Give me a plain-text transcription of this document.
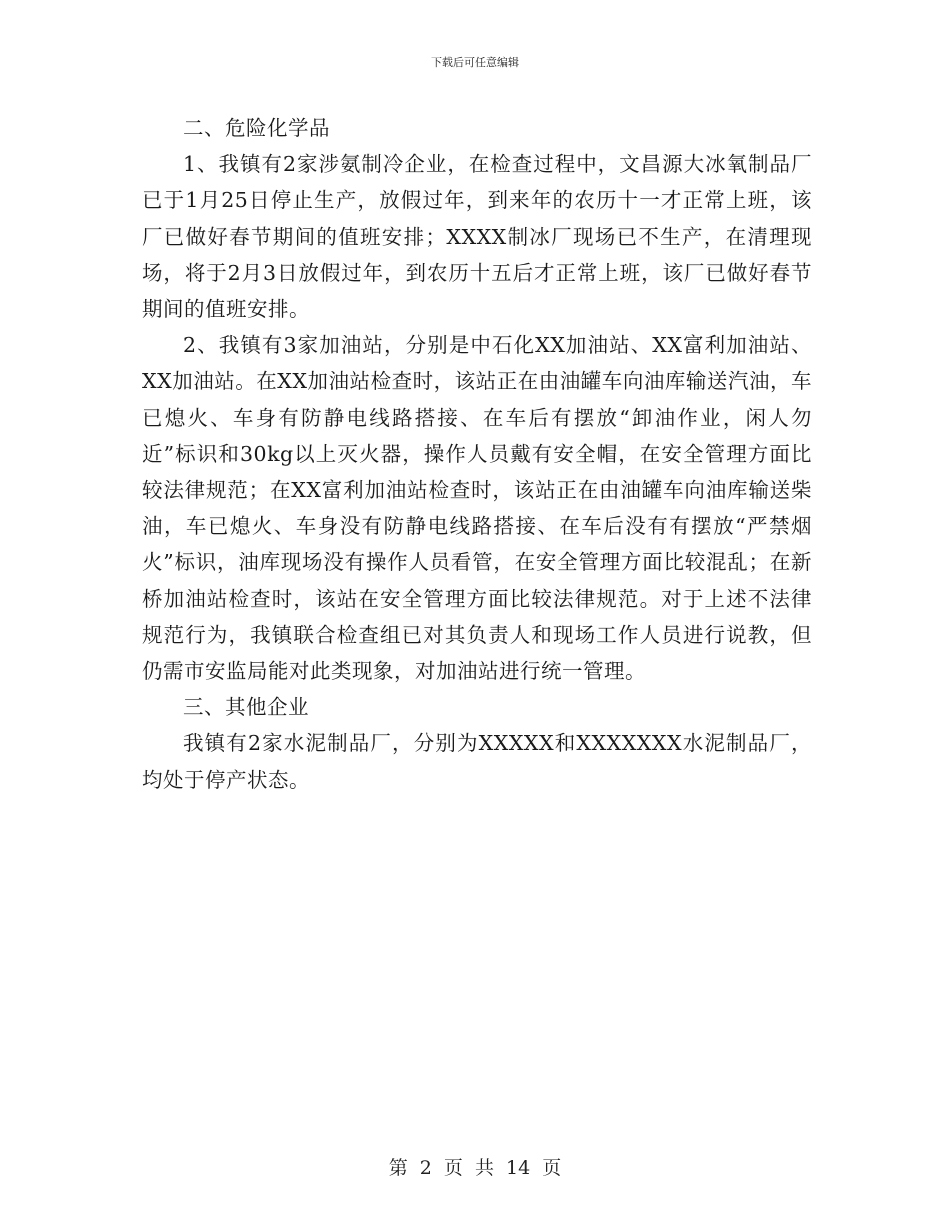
下载后可任意编辑

二、危险化学品

1、我镇有2家涉氨制冷企业，在检查过程中，文昌源大冰氧制品厂已于1月25日停止生产，放假过年，到来年的农历十一才正常上班，该厂已做好春节期间的值班安排；XXXX制冰厂现场已不生产，在清理现场，将于2月3日放假过年，到农历十五后才正常上班，该厂已做好春节期间的值班安排。

2、我镇有3家加油站，分别是中石化XX加油站、XX富利加油站、XX加油站。在XX加油站检查时，该站正在由油罐车向油库输送汽油，车已熄火、车身有防静电线路搭接、在车后有摆放“卸油作业，闲人勿近”标识和30kg以上灭火器，操作人员戴有安全帽，在安全管理方面比较法律规范；在XX富利加油站检查时，该站正在由油罐车向油库输送柴油，车已熄火、车身没有防静电线路搭接、在车后没有有摆放“严禁烟火”标识，油库现场没有操作人员看管，在安全管理方面比较混乱；在新桥加油站检查时，该站在安全管理方面比较法律规范。对于上述不法律规范行为，我镇联合检查组已对其负责人和现场工作人员进行说教，但仍需市安监局能对此类现象，对加油站进行统一管理。

三、其他企业

我镇有2家水泥制品厂，分别为XXXXX和XXXXXXX水泥制品厂，均处于停产状态。

第 2 页 共 14 页
